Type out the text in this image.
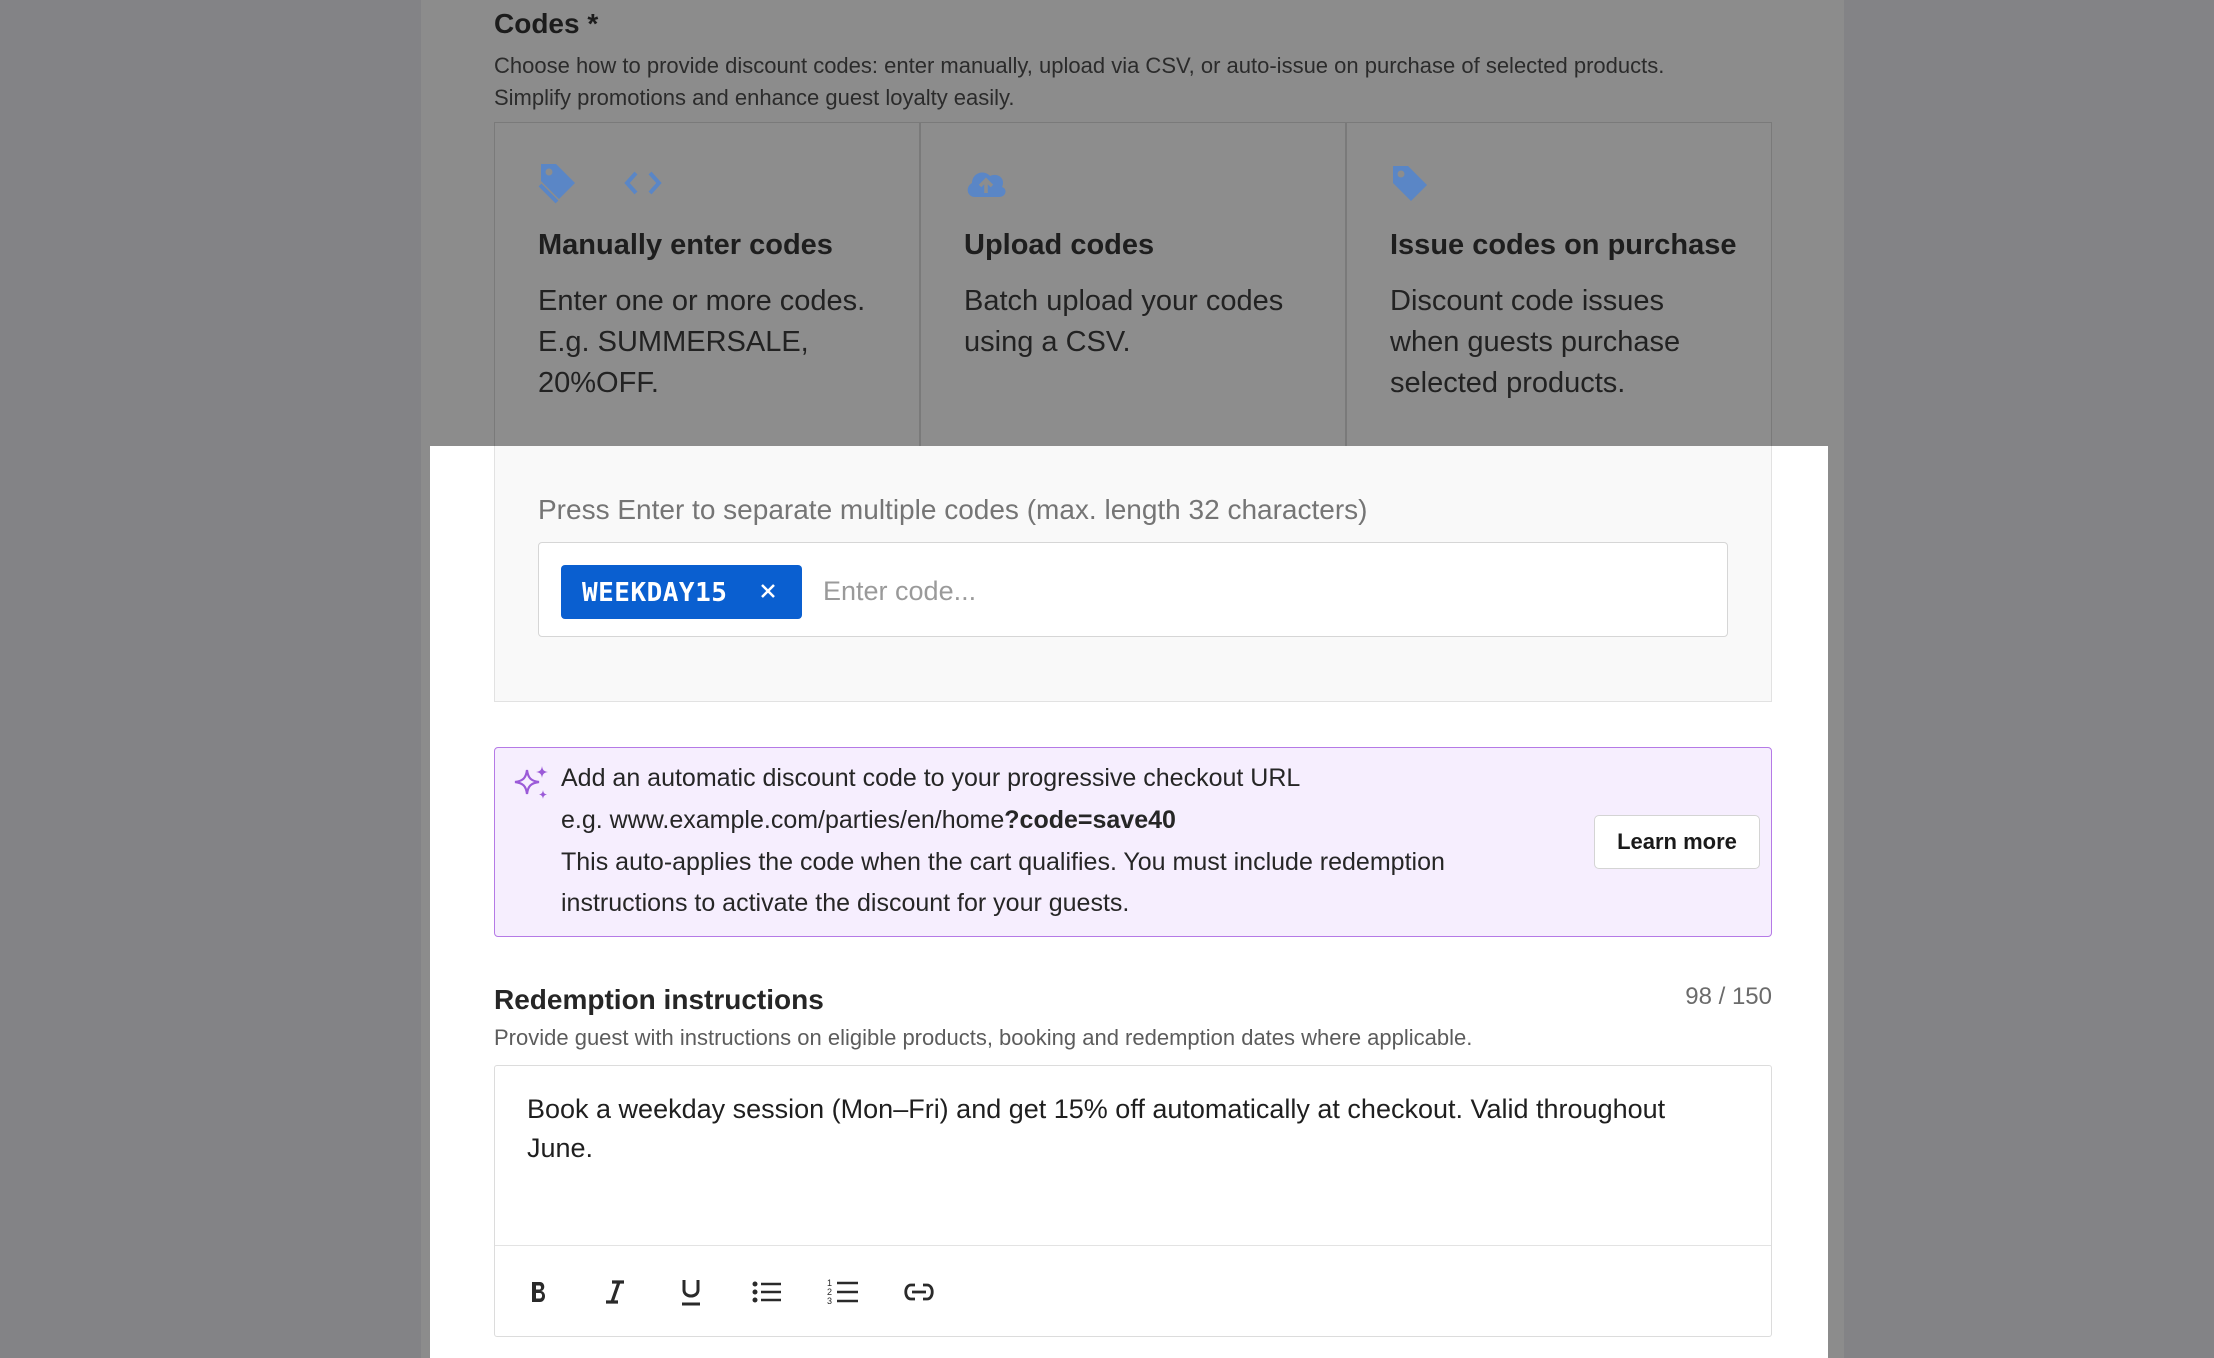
Codes *
Choose how to provide discount codes: enter manually, upload via CSV, or auto-issue on purchase of selected products.
Simplify promotions and enhance guest loyalty easily.
Manually enter codes
Enter one or more codes.
E.g. SUMMERSALE,
20%OFF.
Upload codes
Batch upload your codes
using a CSV.
Issue codes on purchase
Discount code issues
when guests purchase
selected products.
Press Enter to separate multiple codes (max. length 32 characters)
WEEKDAY15
Enter code...
Add an automatic discount code to your progressive checkout URL
e.g. www.example.com/parties/en/home?code=save40
This auto-applies the code when the cart qualifies. You must include redemption
instructions to activate the discount for your guests.
Learn more
Redemption instructions	98 / 150
Provide guest with instructions on eligible products, booking and redemption dates where applicable.
Book a weekday session (Mon–Fri) and get 15% off automatically at checkout. Valid throughout
June.
1
2
3
